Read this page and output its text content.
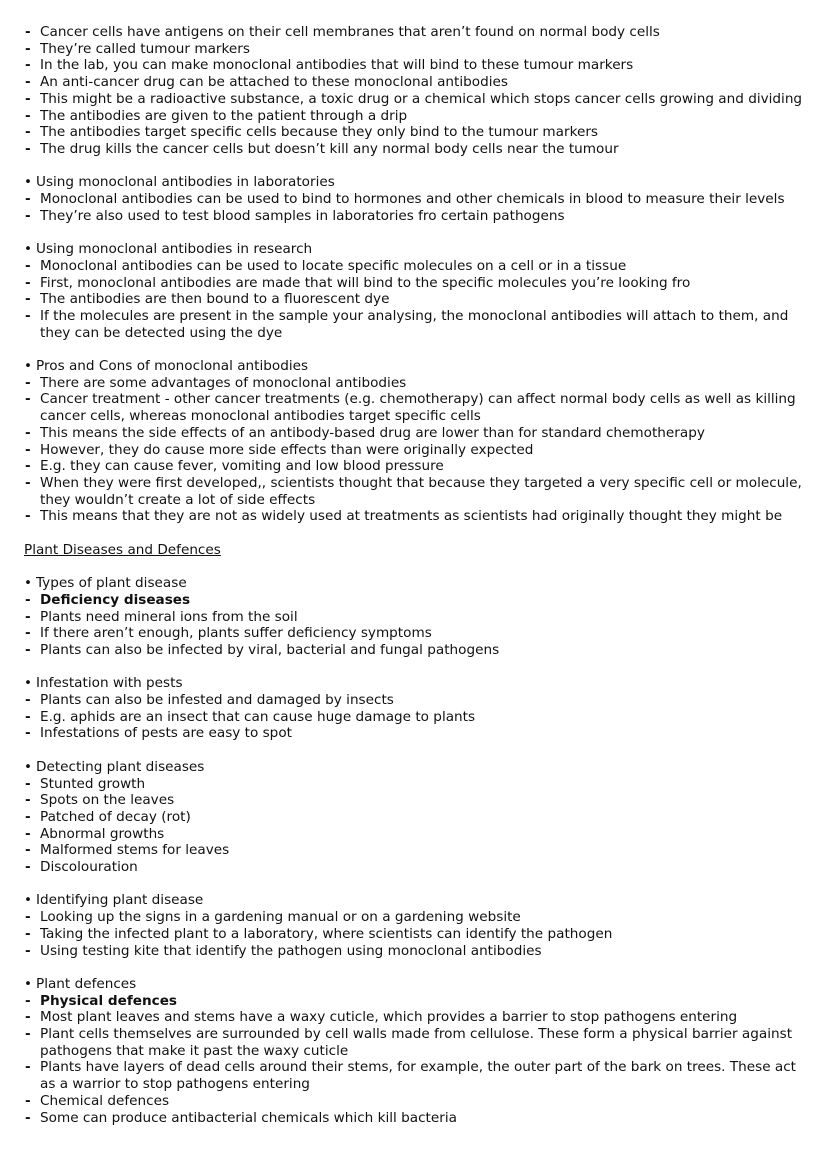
- Cancer cells have antigens on their cell membranes that aren’t found on normal body cells
- They’re called tumour markers
- In the lab, you can make monoclonal antibodies that will bind to these tumour markers
- An anti-cancer drug can be attached to these monoclonal antibodies
- This might be a radioactive substance, a toxic drug or a chemical which stops cancer cells growing and dividing
- The antibodies are given to the patient through a drip
- The antibodies target specific cells because they only bind to the tumour markers
- The drug kills the cancer cells but doesn’t kill any normal body cells near the tumour
• Using monoclonal antibodies in laboratories
- Monoclonal antibodies can be used to bind to hormones and other chemicals in blood to measure their levels
- They’re also used to test blood samples in laboratories fro certain pathogens
• Using monoclonal antibodies in research
- Monoclonal antibodies can be used to locate specific molecules on a cell or in a tissue
- First, monoclonal antibodies are made that will bind to the specific molecules you’re looking fro
- The antibodies are then bound to a fluorescent dye
- If the molecules are present in the sample your analysing, the monoclonal antibodies will attach to them, and they can be detected using the dye
• Pros and Cons of monoclonal antibodies
- There are some advantages of monoclonal antibodies
- Cancer treatment - other cancer treatments (e.g. chemotherapy) can affect normal body cells as well as killing cancer cells, whereas monoclonal antibodies target specific cells
- This means the side effects of an antibody-based drug are lower than for standard chemotherapy
- However, they do cause more side effects than were originally expected
- E.g. they can cause fever, vomiting and low blood pressure
- When they were first developed,, scientists thought that because they targeted a very specific cell or molecule, they wouldn’t create a lot of side effects
- This means that they are not as widely used at treatments as scientists had originally thought they might be
Plant Diseases and Defences
• Types of plant disease
- Deficiency diseases
- Plants need mineral ions from the soil
- If there aren’t enough, plants suffer deficiency symptoms
- Plants can also be infected by viral, bacterial and fungal pathogens
• Infestation with pests
- Plants can also be infested and damaged by insects
- E.g. aphids are an insect that can cause huge damage to plants
- Infestations of pests are easy to spot
• Detecting plant diseases
- Stunted growth
- Spots on the leaves
- Patched of decay (rot)
- Abnormal growths
- Malformed stems for leaves
- Discolouration
• Identifying plant disease
- Looking up the signs in a gardening manual or on a gardening website
- Taking the infected plant to a laboratory, where scientists can identify the pathogen
- Using testing kite that identify the pathogen using monoclonal antibodies
• Plant defences
- Physical defences
- Most plant leaves and stems have a waxy cuticle, which provides a barrier to stop pathogens entering
- Plant cells themselves are surrounded by cell walls made from cellulose. These form a physical barrier against pathogens that make it past the waxy cuticle
- Plants have layers of dead cells around their stems, for example, the outer part of the bark on trees. These act as a warrior to stop pathogens entering
- Chemical defences
- Some can produce antibacterial chemicals which kill bacteria
